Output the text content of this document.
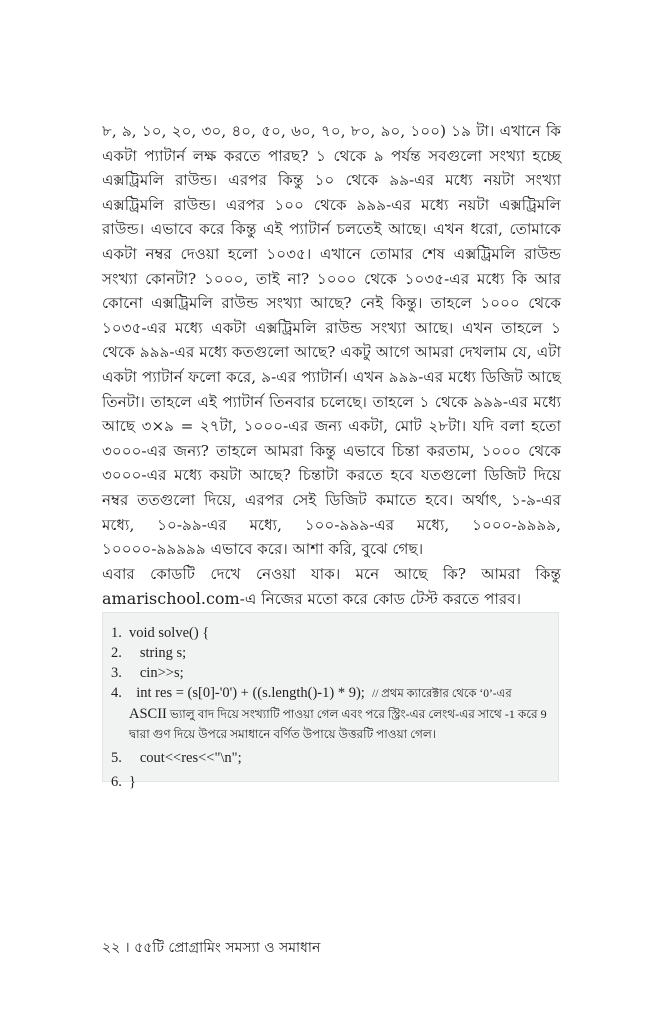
৮, ৯, ১০, ২০, ৩০, ৪০, ৫০, ৬০, ৭০, ৮০, ৯০, ১০০) ১৯ টা। এখানে কি একটা প্যাটার্ন লক্ষ করতে পারছ? ১ থেকে ৯ পর্যন্ত সবগুলো সংখ্যা হচ্ছে এক্সট্রিমলি রাউন্ড। এরপর কিন্তু ১০ থেকে ৯৯-এর মধ্যে নয়টা সংখ্যা এক্সট্রিমলি রাউন্ড। এরপর ১০০ থেকে ৯৯৯-এর মধ্যে নয়টা এক্সট্রিমলি রাউন্ড। এভাবে করে কিন্তু এই প্যাটার্ন চলতেই আছে। এখন ধরো, তোমাকে একটা নম্বর দেওয়া হলো ১০৩৫। এখানে তোমার শেষ এক্সট্রিমলি রাউন্ড সংখ্যা কোনটা? ১০০০, তাই না? ১০০০ থেকে ১০৩৫-এর মধ্যে কি আর কোনো এক্সট্রিমলি রাউন্ড সংখ্যা আছে? নেই কিন্তু। তাহলে ১০০০ থেকে ১০৩৫-এর মধ্যে একটা এক্সট্রিমলি রাউন্ড সংখ্যা আছে। এখন তাহলে ১ থেকে ৯৯৯-এর মধ্যে কতগুলো আছে? একটু আগে আমরা দেখলাম যে, এটা একটা প্যাটার্ন ফলো করে, ৯-এর প্যাটার্ন। এখন ৯৯৯-এর মধ্যে ডিজিট আছে তিনটা। তাহলে এই প্যাটার্ন তিনবার চলেছে। তাহলে ১ থেকে ৯৯৯-এর মধ্যে আছে ৩×৯ = ২৭টা, ১০০০-এর জন্য একটা, মোট ২৮টা। যদি বলা হতো ৩০০০-এর জন্য? তাহলে আমরা কিন্তু এভাবে চিন্তা করতাম, ১০০০ থেকে ৩০০০-এর মধ্যে কয়টা আছে? চিন্তাটা করতে হবে যতগুলো ডিজিট দিয়ে নম্বর ততগুলো দিয়ে, এরপর সেই ডিজিট কমাতে হবে। অর্থাৎ, ১-৯-এর মধ্যে, ১০-৯৯-এর মধ্যে, ১০০-৯৯৯-এর মধ্যে, ১০০০-৯৯৯৯, ১০০০০-৯৯৯৯৯ এভাবে করে। আশা করি, বুঝে গেছ।

এবার কোডটি দেখে নেওয়া যাক। মনে আছে কি? আমরা কিন্তু amarischool.com-এ নিজের মতো করে কোড টেস্ট করতে পারব।

1. void solve() {
2. string s;
3. cin>>s;
4. int res = (s[0]-'0') + ((s.length()-1) * 9);  // প্রথম ক্যারেক্টার থেকে ‘0’-এর
ASCII ভ্যালু বাদ দিয়ে সংখ্যাটি পাওয়া গেল এবং পরে স্ট্রিং-এর লেংথ-এর সাথে -1 করে 9 দ্বারা গুণ দিয়ে উপরে সমাধানে বর্ণিত উপায়ে উত্তরটি পাওয়া গেল।
5. cout<<res<<"\n";
6. }
২২ । ৫৫টি প্রোগ্রামিং সমস্যা ও সমাধান
